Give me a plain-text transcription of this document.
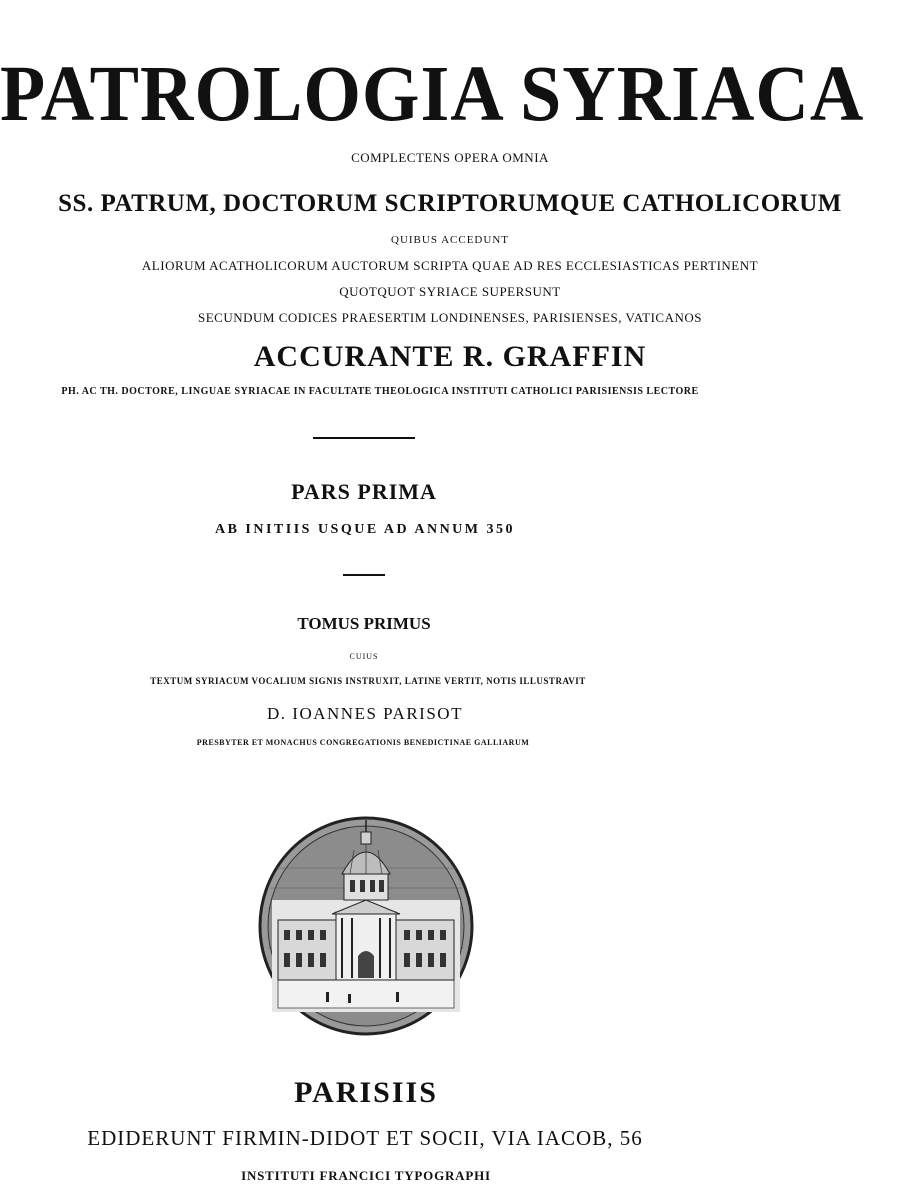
PATROLOGIA SYRIACA
COMPLECTENS OPERA OMNIA
SS. PATRUM, DOCTORUM SCRIPTORUMQUE CATHOLICORUM
QUIBUS ACCEDUNT
ALIORUM ACATHOLICORUM AUCTORUM SCRIPTA QUAE AD RES ECCLESIASTICAS PERTINENT
QUOTQUOT SYRIACE SUPERSUNT
SECUNDUM CODICES PRAESERTIM LONDINENSES, PARISIENSES, VATICANOS
ACCURANTE R. GRAFFIN
PH. AC TH. DOCTORE, LINGUAE SYRIACAE IN FACULTATE THEOLOGICA INSTITUTI CATHOLICI PARISIENSIS LECTORE
PARS PRIMA
AB INITIIS USQUE AD ANNUM 350
TOMUS PRIMUS
CUIUS
TEXTUM SYRIACUM VOCALIUM SIGNIS INSTRUXIT, LATINE VERTIT, NOTIS ILLUSTRAVIT
D. IOANNES PARISOT
PRESBYTER ET MONACHUS CONGREGATIONIS BENEDICTINAE GALLIARUM
PARISIIS
EDIDERUNT FIRMIN-DIDOT ET SOCII, VIA IACOB, 56
INSTITUTI FRANCICI TYPOGRAPHI
